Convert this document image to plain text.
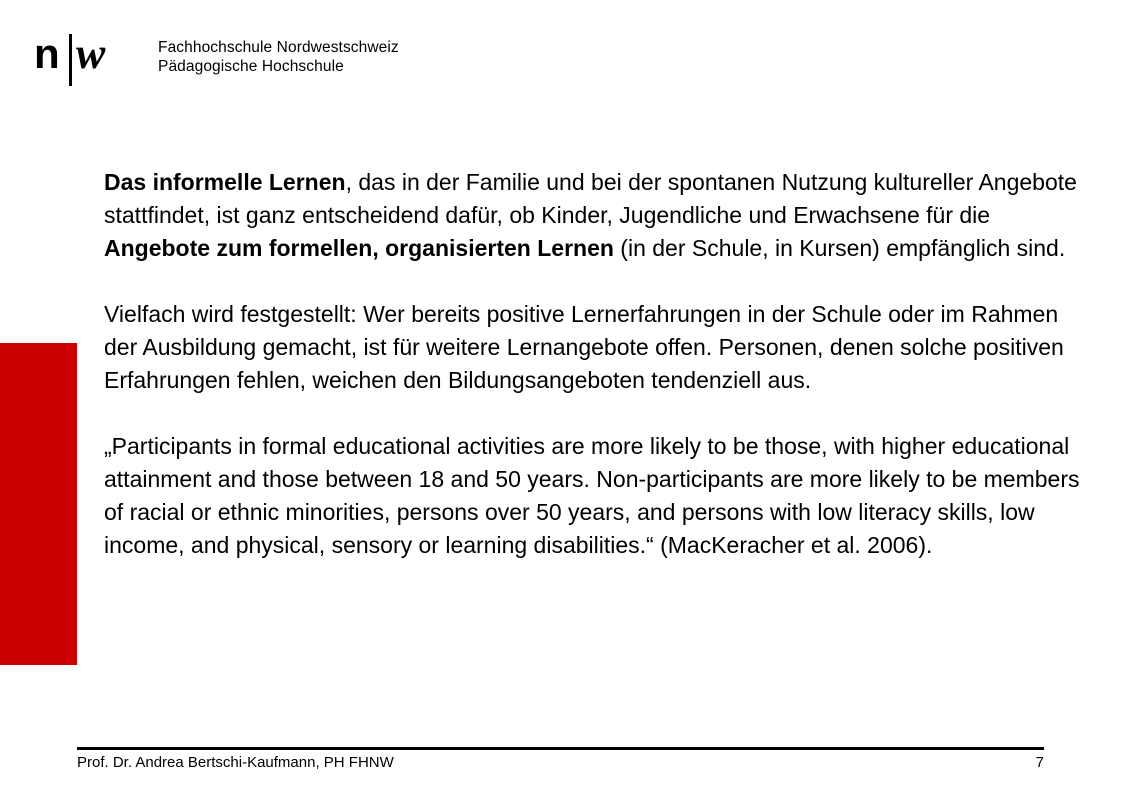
n w	Fachhochschule Nordwestschweiz
Pädagogische Hochschule

Das informelle Lernen, das in der Familie und bei der spontanen Nutzung kultureller Angebote stattfindet, ist ganz entscheidend dafür, ob Kinder, Jugendliche und Erwachsene für die Angebote zum formellen, organisierten Lernen (in der Schule, in Kursen) empfänglich sind.

Vielfach wird festgestellt: Wer bereits positive Lernerfahrungen in der Schule oder im Rahmen der Ausbildung gemacht, ist für weitere Lernangebote offen. Personen, denen solche positiven Erfahrungen fehlen, weichen den Bildungsangeboten tendenziell aus.

„Participants in formal educational activities are more likely to be those, with higher educational attainment and those between 18 and 50 years. Non-participants are more likely to be members of racial or ethnic minorities, persons over 50 years, and persons with low literacy skills, low income, and physical, sensory or learning disabilities.“ (MacKeracher et al. 2006).

Prof. Dr. Andrea Bertschi-Kaufmann, PH FHNW	7
